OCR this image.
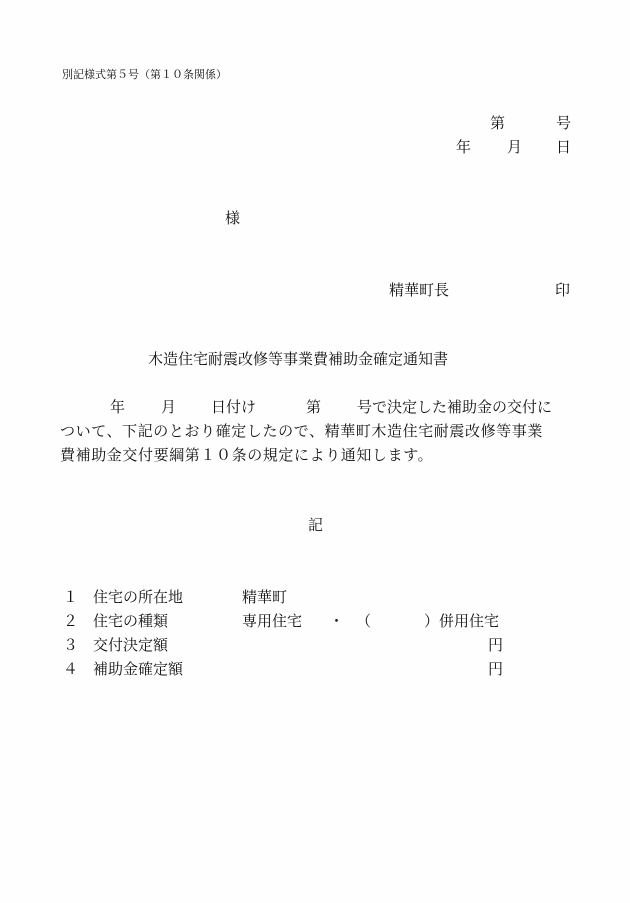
別記様式第５号（第１０条関係）
第	号
年 月 日
様
精華町長	印
木造住宅耐震改修等事業費補助金確定通知書
年 月 日付け	第 号で決定した補助金の交付に
ついて、下記のとおり確定したので、精華町木造住宅耐震改修等事業
費補助金交付要綱第１０条の規定により通知します。
記
１ 住宅の所在地	精華町
２ 住宅の種類	専用住宅 ・ （	）併用住宅
３ 交付決定額	円
４ 補助金確定額	円
